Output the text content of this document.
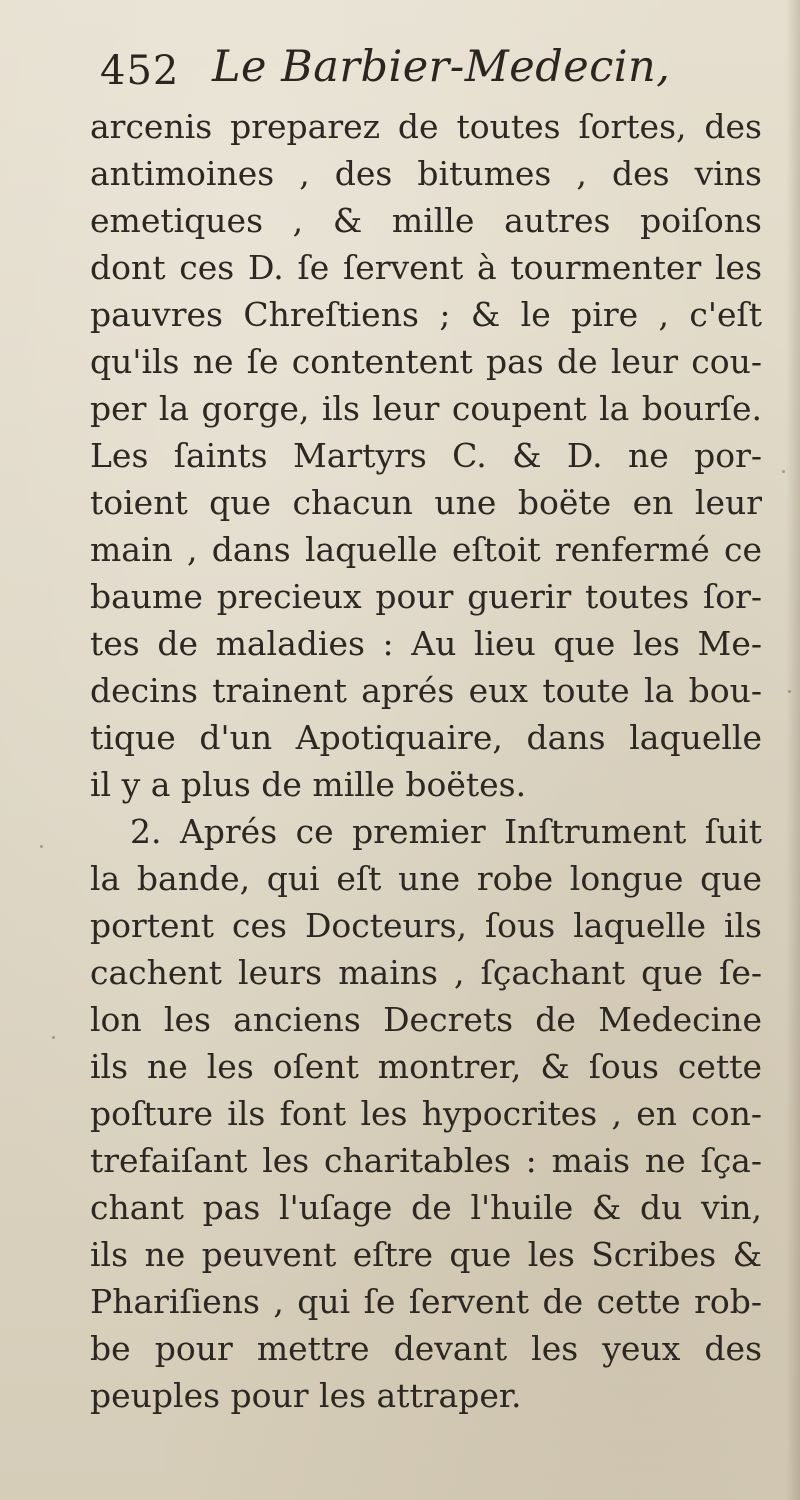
452 Le Barbier-Medecin,
arcenis preparez de toutes ſortes, des
antimoines , des bitumes , des vins
emetiques , & mille autres poiſons
dont ces D. ſe ſervent à tourmenter les
pauvres Chreſtiens ; & le pire , c'eſt
qu'ils ne ſe contentent pas de leur cou-
per la gorge, ils leur coupent la bourſe.
Les ſaints Martyrs C. & D. ne por-
toient que chacun une boëte en leur
main , dans laquelle eſtoit renfermé ce
baume precieux pour guerir toutes ſor-
tes de maladies : Au lieu que les Me-
decins trainent aprés eux toute la bou-
tique d'un Apotiquaire, dans laquelle
il y a plus de mille boëtes.
2. Aprés ce premier Inſtrument ſuit
la bande, qui eſt une robe longue que
portent ces Docteurs, ſous laquelle ils
cachent leurs mains , ſçachant que ſe-
lon les anciens Decrets de Medecine
ils ne les oſent montrer, & ſous cette
poſture ils font les hypocrites , en con-
trefaiſant les charitables : mais ne ſça-
chant pas l'uſage de l'huile & du vin,
ils ne peuvent eſtre que les Scribes &
Phariſiens , qui ſe ſervent de cette rob-
be pour mettre devant les yeux des
peuples pour les attraper.
